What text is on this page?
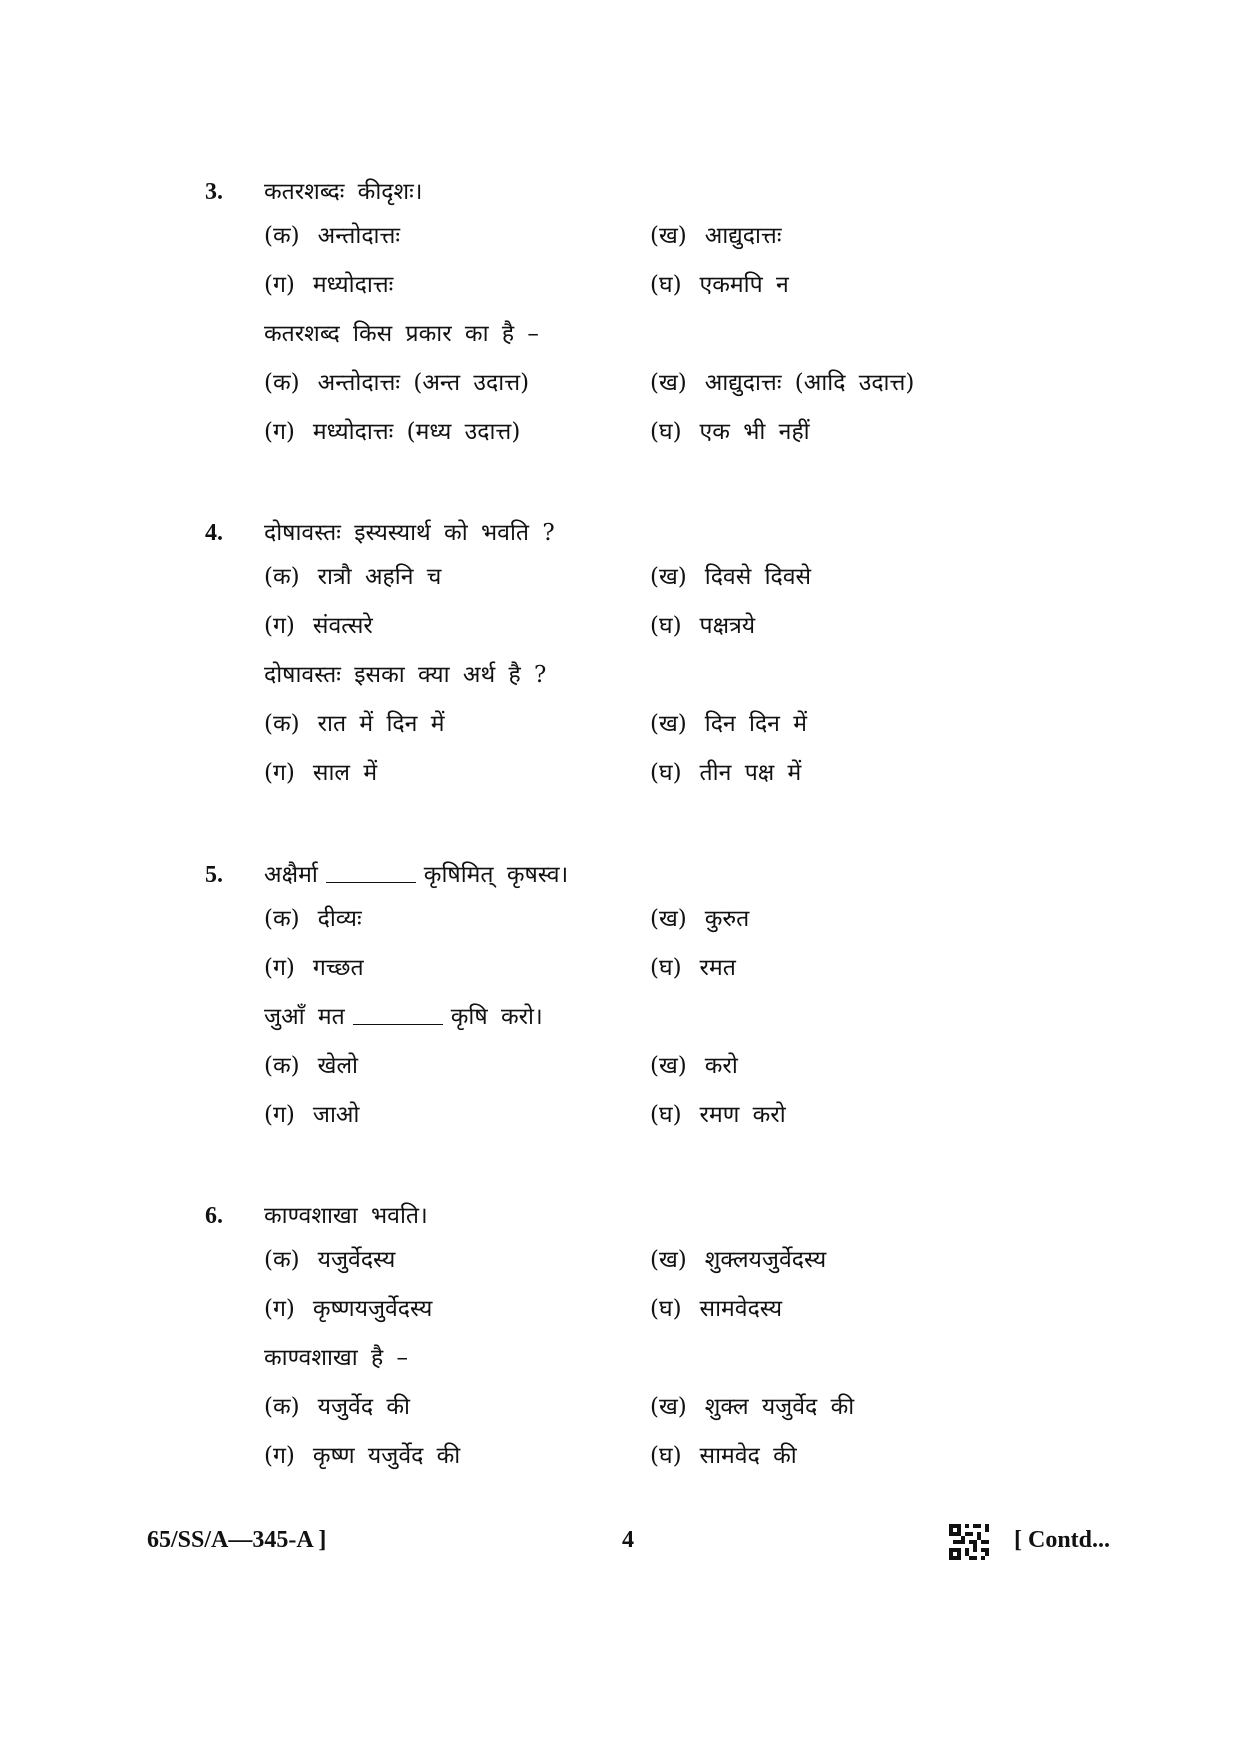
3. कतरशब्दः कीदृशः।
(क) अन्तोदात्तः	(ख) आद्युदात्तः
(ग) मध्योदात्तः	(घ) एकमपि न
कतरशब्द किस प्रकार का है –
(क) अन्तोदात्तः (अन्त उदात्त)	(ख) आद्युदात्तः (आदि उदात्त)
(ग) मध्योदात्तः (मध्य उदात्त)	(घ) एक भी नहीं
4. दोषावस्तः इस्यस्यार्थ को भवति ?
(क) रात्रौ अहनि च	(ख) दिवसे दिवसे
(ग) संवत्सरे	(घ) पक्षत्रये
दोषावस्तः इसका क्या अर्थ है ?
(क) रात में दिन में	(ख) दिन दिन में
(ग) साल में	(घ) तीन पक्ष में
5. अक्षैर्मा	कृषिमित् कृषस्व।
(क) दीव्यः	(ख) कुरुत
(ग) गच्छत	(घ) रमत
जुआँ मत	कृषि करो।
(क) खेलो	(ख) करो
(ग) जाओ	(घ) रमण करो
6. काण्वशाखा भवति।
(क) यजुर्वेदस्य	(ख) शुक्लयजुर्वेदस्य
(ग) कृष्णयजुर्वेदस्य	(घ) सामवेदस्य
काण्वशाखा है –
(क) यजुर्वेद की	(ख) शुक्ल यजुर्वेद की
(ग) कृष्ण यजुर्वेद की	(घ) सामवेद की
65/SS/A—345-A ]	4	[ Contd...
